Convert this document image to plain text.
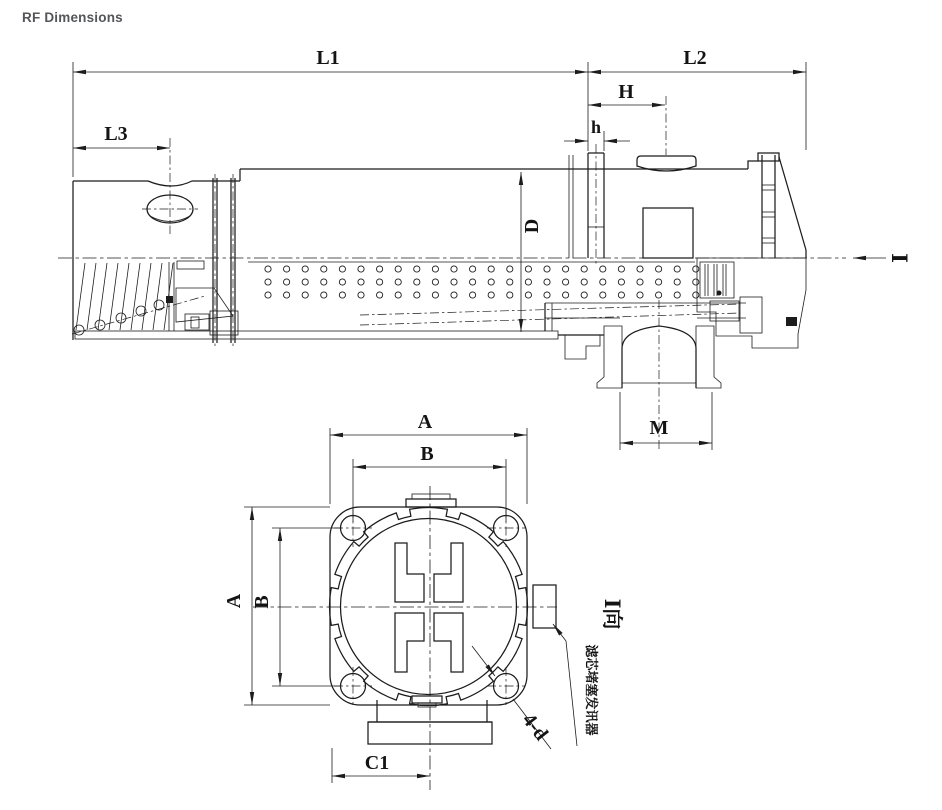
RF Dimensions
L1	L2
L3
H
h
D
M
I
A
B
A B
C1
4-d 滤芯堵塞发讯器
I向
